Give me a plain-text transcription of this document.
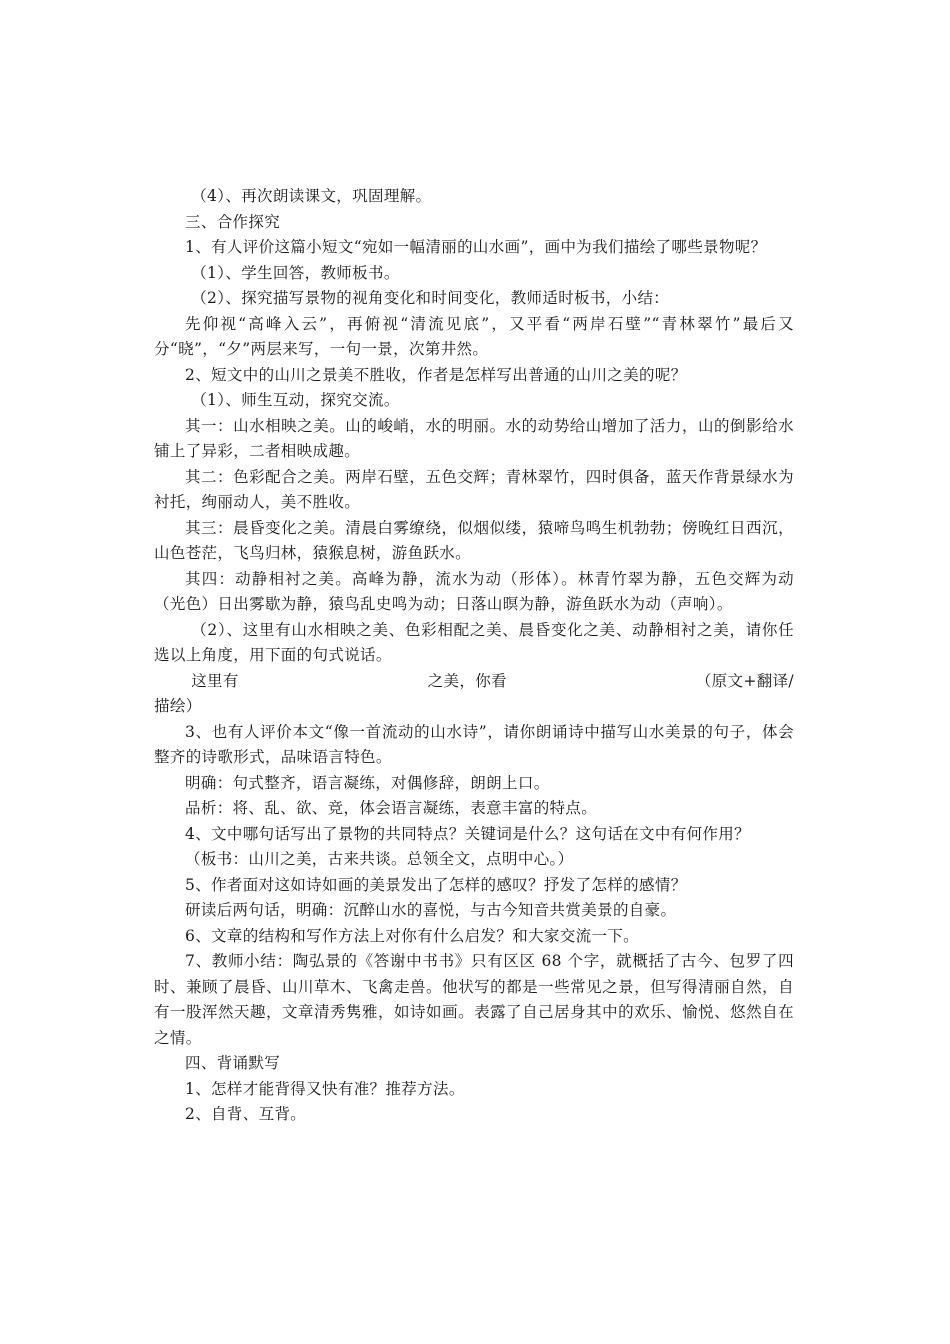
（4）、再次朗读课文，巩固理解。

三、合作探究

1、有人评价这篇小短文“宛如一幅清丽的山水画”，画中为我们描绘了哪些景物呢？

（1）、学生回答，教师板书。

（2）、探究描写景物的视角变化和时间变化，教师适时板书，小结：

先仰视“高峰入云”，再俯视“清流见底”，又平看“两岸石壁”“青林翠竹”最后又分“晓”，“夕”两层来写，一句一景，次第井然。

2、短文中的山川之景美不胜收，作者是怎样写出普通的山川之美的呢？

（1）、师生互动，探究交流。

其一：山水相映之美。山的峻峭，水的明丽。水的动势给山增加了活力，山的倒影给水铺上了异彩，二者相映成趣。

其二：色彩配合之美。两岸石壁，五色交辉；青林翠竹，四时俱备，蓝天作背景绿水为衬托，绚丽动人，美不胜收。

其三：晨昏变化之美。清晨白雾缭绕，似烟似缕，猿啼鸟鸣生机勃勃；傍晚红日西沉，山色苍茫，飞鸟归林，猿猴息树，游鱼跃水。

其四：动静相衬之美。高峰为静，流水为动（形体）。林青竹翠为静，五色交辉为动（光色）日出雾歇为静，猿鸟乱史鸣为动；日落山暝为静，游鱼跃水为动（声响）。

（2）、这里有山水相映之美、色彩相配之美、晨昏变化之美、动静相衬之美，请你任选以上角度，用下面的句式说话。

这里有	之美，你看	（原文+翻译/
描绘）

3、也有人评价本文“像一首流动的山水诗”，请你朗诵诗中描写山水美景的句子，体会整齐的诗歌形式，品味语言特色。

明确：句式整齐，语言凝练，对偶修辞，朗朗上口。

品析：将、乱、欲、竞，体会语言凝练，表意丰富的特点。

4、文中哪句话写出了景物的共同特点？关键词是什么？这句话在文中有何作用？

（板书：山川之美，古来共谈。总领全文，点明中心。）

5、作者面对这如诗如画的美景发出了怎样的感叹？抒发了怎样的感情？

研读后两句话，明确：沉醉山水的喜悦，与古今知音共赏美景的自豪。

6、文章的结构和写作方法上对你有什么启发？和大家交流一下。

7、教师小结：陶弘景的《答谢中书书》只有区区 68 个字，就概括了古今、包罗了四时、兼顾了晨昏、山川草木、飞禽走兽。他状写的都是一些常见之景，但写得清丽自然，自有一股浑然天趣，文章清秀隽雅，如诗如画。表露了自己居身其中的欢乐、愉悦、悠然自在之情。

四、背诵默写

1、怎样才能背得又快有准？推荐方法。

2、自背、互背。
